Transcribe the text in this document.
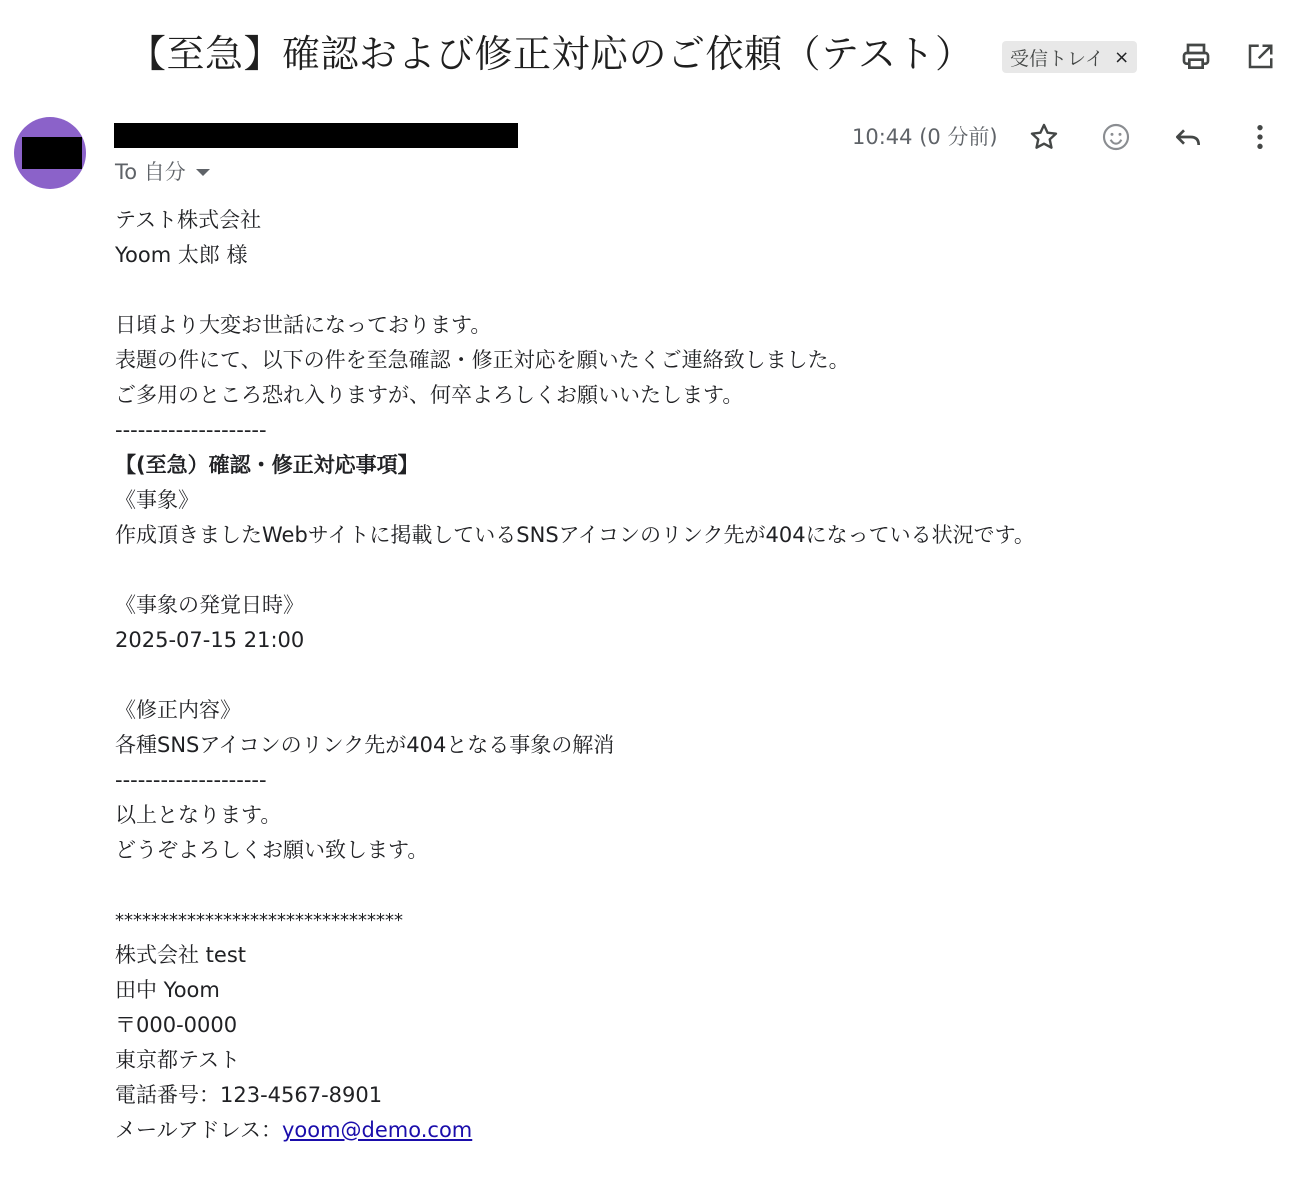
【至急】確認および修正対応のご依頼（テスト） 受信トレイ ×
To 自分
10:44 (0 分前)
テスト株式会社
Yoom 太郎 様
日頃より大変お世話になっております。
表題の件にて、以下の件を至急確認・修正対応を願いたくご連絡致しました。
ご多用のところ恐れ入りますが、何卒よろしくお願いいたします。
--------------------
【(至急）確認・修正対応事項】
《事象》
作成頂きましたWebサイトに掲載しているSNSアイコンのリンク先が404になっている状況です。
《事象の発覚日時》
2025-07-15 21:00
《修正内容》
各種SNSアイコンのリンク先が404となる事象の解消
--------------------
以上となります。
どうぞよろしくお願い致します。
********************************
株式会社 test
田中 Yoom
〒000-0000
東京都テスト
電話番号：123-4567-8901
メールアドレス：yoom@demo.com
